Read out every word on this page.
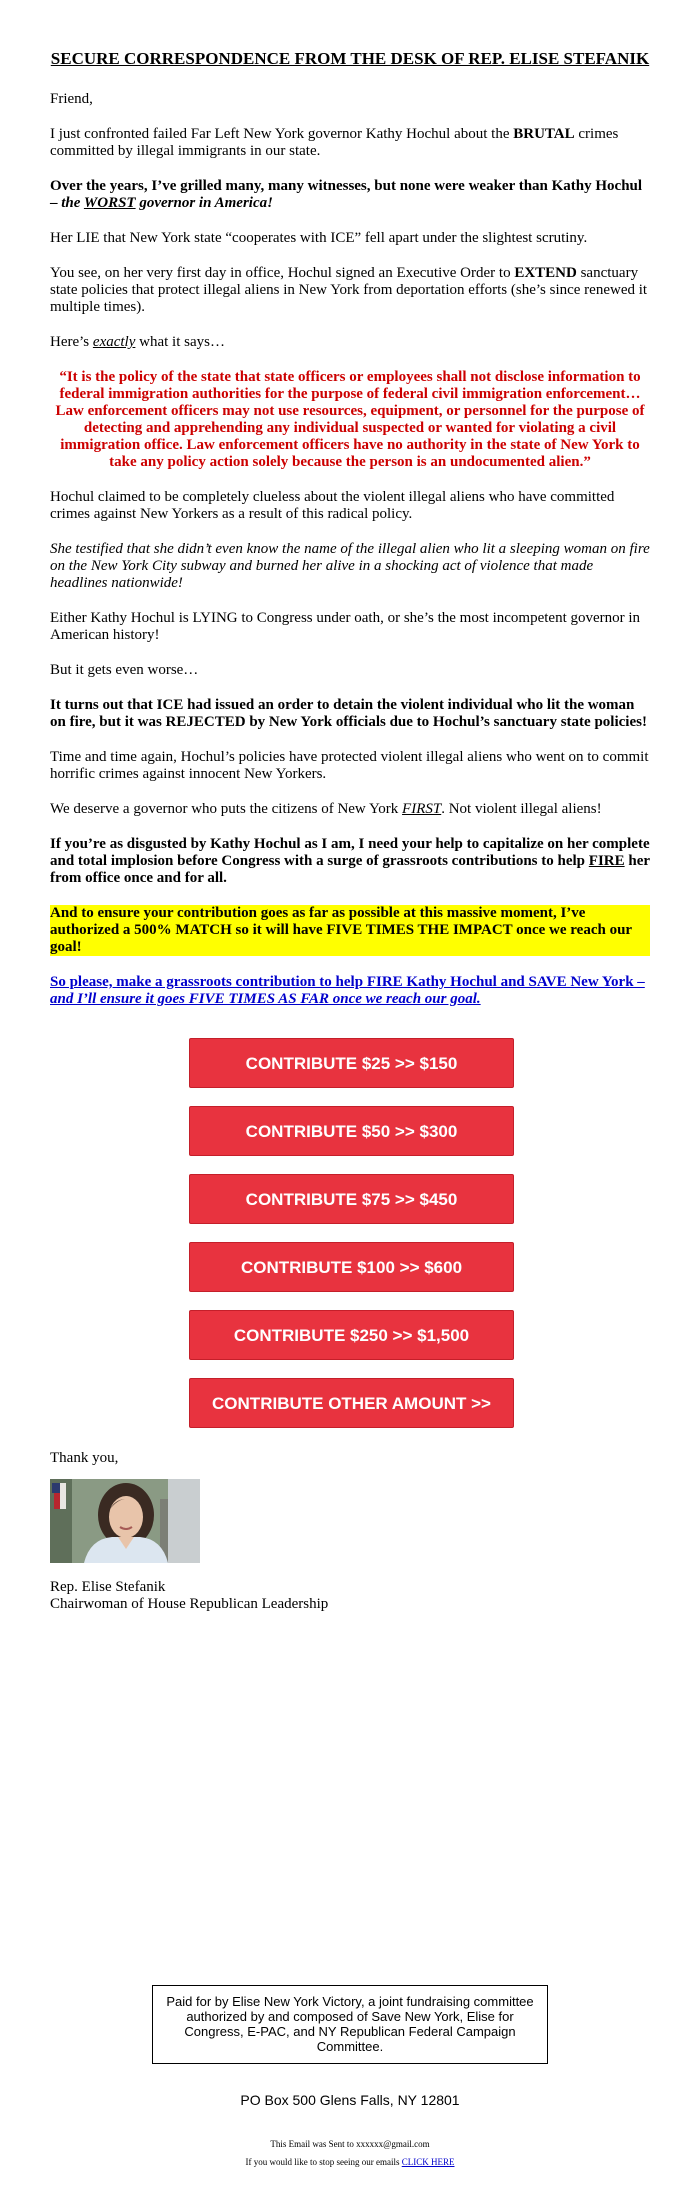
SECURE CORRESPONDENCE FROM THE DESK OF REP. ELISE STEFANIK

Friend,

I just confronted failed Far Left New York governor Kathy Hochul about the BRUTAL crimes committed by illegal immigrants in our state.

Over the years, I’ve grilled many, many witnesses, but none were weaker than Kathy Hochul – the WORST governor in America!

Her LIE that New York state “cooperates with ICE” fell apart under the slightest scrutiny.

You see, on her very first day in office, Hochul signed an Executive Order to EXTEND sanctuary state policies that protect illegal aliens in New York from deportation efforts (she’s since renewed it multiple times).

Here’s exactly what it says…

“It is the policy of the state that state officers or employees shall not disclose information to federal immigration authorities for the purpose of federal civil immigration enforcement… Law enforcement officers may not use resources, equipment, or personnel for the purpose of detecting and apprehending any individual suspected or wanted for violating a civil immigration office. Law enforcement officers have no authority in the state of New York to take any policy action solely because the person is an undocumented alien.”

Hochul claimed to be completely clueless about the violent illegal aliens who have committed crimes against New Yorkers as a result of this radical policy.

She testified that she didn’t even know the name of the illegal alien who lit a sleeping woman on fire on the New York City subway and burned her alive in a shocking act of violence that made headlines nationwide!

Either Kathy Hochul is LYING to Congress under oath, or she’s the most incompetent governor in American history!

But it gets even worse…

It turns out that ICE had issued an order to detain the violent individual who lit the woman on fire, but it was REJECTED by New York officials due to Hochul’s sanctuary state policies!

Time and time again, Hochul’s policies have protected violent illegal aliens who went on to commit horrific crimes against innocent New Yorkers.

We deserve a governor who puts the citizens of New York FIRST. Not violent illegal aliens!

If you’re as disgusted by Kathy Hochul as I am, I need your help to capitalize on her complete and total implosion before Congress with a surge of grassroots contributions to help FIRE her from office once and for all.

And to ensure your contribution goes as far as possible at this massive moment, I’ve authorized a 500% MATCH so it will have FIVE TIMES THE IMPACT once we reach our goal!

So please, make a grassroots contribution to help FIRE Kathy Hochul and SAVE New York – and I’ll ensure it goes FIVE TIMES AS FAR once we reach our goal.

CONTRIBUTE $25 >> $150
CONTRIBUTE $50 >> $300
CONTRIBUTE $75 >> $450
CONTRIBUTE $100 >> $600
CONTRIBUTE $250 >> $1,500
CONTRIBUTE OTHER AMOUNT >>

Thank you,

Rep. Elise Stefanik
Chairwoman of House Republican Leadership
Paid for by Elise New York Victory, a joint fundraising committee authorized by and composed of Save New York, Elise for Congress, E-PAC, and NY Republican Federal Campaign Committee.
PO Box 500 Glens Falls, NY 12801
This Email was Sent to xxxxxx@gmail.com
If you would like to stop seeing our emails CLICK HERE
